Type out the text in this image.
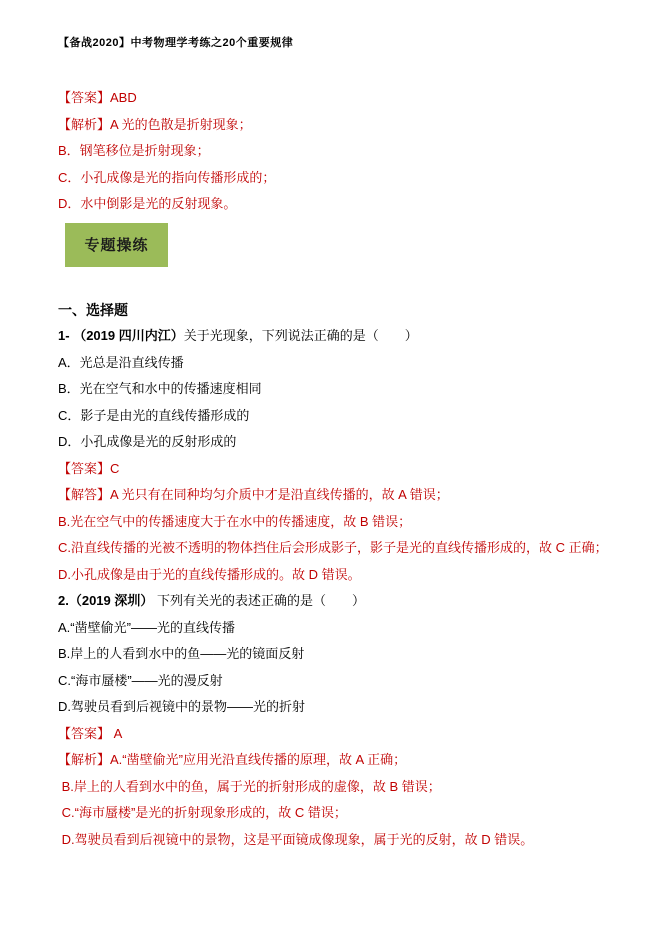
【备战2020】中考物理学考练之20个重要规律

【答案】ABD

【解析】A 光的色散是折射现象；

B．钢笔移位是折射现象；

C．小孔成像是光的指向传播形成的；

D．水中倒影是光的反射现象。

专题操练
一、选择题

1- （2019 四川内江）关于光现象，下列说法正确的是（　　）

A．光总是沿直线传播

B．光在空气和水中的传播速度相同

C．影子是由光的直线传播形成的

D．小孔成像是光的反射形成的

【答案】C

【解答】A 光只有在同种均匀介质中才是沿直线传播的，故 A 错误；

B.光在空气中的传播速度大于在水中的传播速度，故 B 错误；

C.沿直线传播的光被不透明的物体挡住后会形成影子，影子是光的直线传播形成的，故 C 正确；

D.小孔成像是由于光的直线传播形成的。故 D 错误。

2.（2019 深圳） 下列有关光的表述正确的是（　　）

A.“凿壁偷光”——光的直线传播

B.岸上的人看到水中的鱼——光的镜面反射

C.“海市蜃楼”——光的漫反射

D.驾驶员看到后视镜中的景物——光的折射

【答案】 A

【解析】A.“凿壁偷光”应用光沿直线传播的原理，故 A 正确；

B.岸上的人看到水中的鱼，属于光的折射形成的虚像，故 B 错误；

C.“海市蜃楼”是光的折射现象形成的，故 C 错误；

D.驾驶员看到后视镜中的景物，这是平面镜成像现象，属于光的反射，故 D 错误。
